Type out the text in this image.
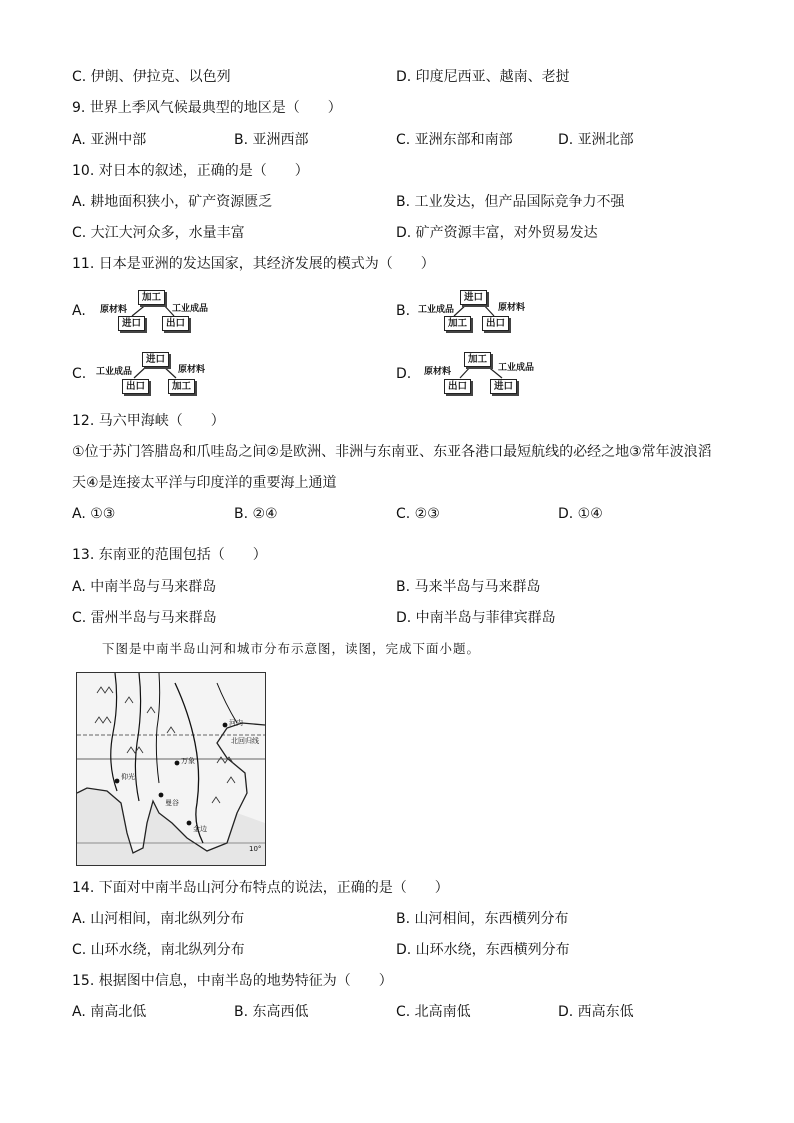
C. 伊朗、伊拉克、以色列	D. 印度尼西亚、越南、老挝
9. 世界上季风气候最典型的地区是（　　）
A. 亚洲中部	B. 亚洲西部	C. 亚洲东部和南部	D. 亚洲北部
10. 对日本的叙述，正确的是（　　）
A. 耕地面积狭小，矿产资源匮乏	B. 工业发达，但产品国际竞争力不强
C. 大江大河众多，水量丰富	D. 矿产资源丰富，对外贸易发达
11. 日本是亚洲的发达国家，其经济发展的模式为（　　）
A.
加工
原材料	工业成品
进口	出口
B.
进口
工业成品	原材料
加工	出口
C.
进口
工业成品	原材料
出口	加工
D.
加工
原材料	工业成品
出口	进口
12. 马六甲海峡（　　）
①位于苏门答腊岛和爪哇岛之间②是欧洲、非洲与东南亚、东亚各港口最短航线的必经之地③常年波浪滔
天④是连接太平洋与印度洋的重要海上通道
A. ①③	B. ②④	C. ②③	D. ①④
13. 东南亚的范围包括（　　）
A. 中南半岛与马来群岛	B. 马来半岛与马来群岛
C. 雷州半岛与马来群岛	D. 中南半岛与菲律宾群岛
下图是中南半岛山河和城市分布示意图，读图，完成下面小题。
仰光
曼谷
万象
金边
河内
北回归线
10°
14. 下面对中南半岛山河分布特点的说法，正确的是（　　）
A. 山河相间，南北纵列分布	B. 山河相间，东西横列分布
C. 山环水绕，南北纵列分布	D. 山环水绕，东西横列分布
15. 根据图中信息，中南半岛的地势特征为（　　）
A. 南高北低	B. 东高西低	C. 北高南低	D. 西高东低
